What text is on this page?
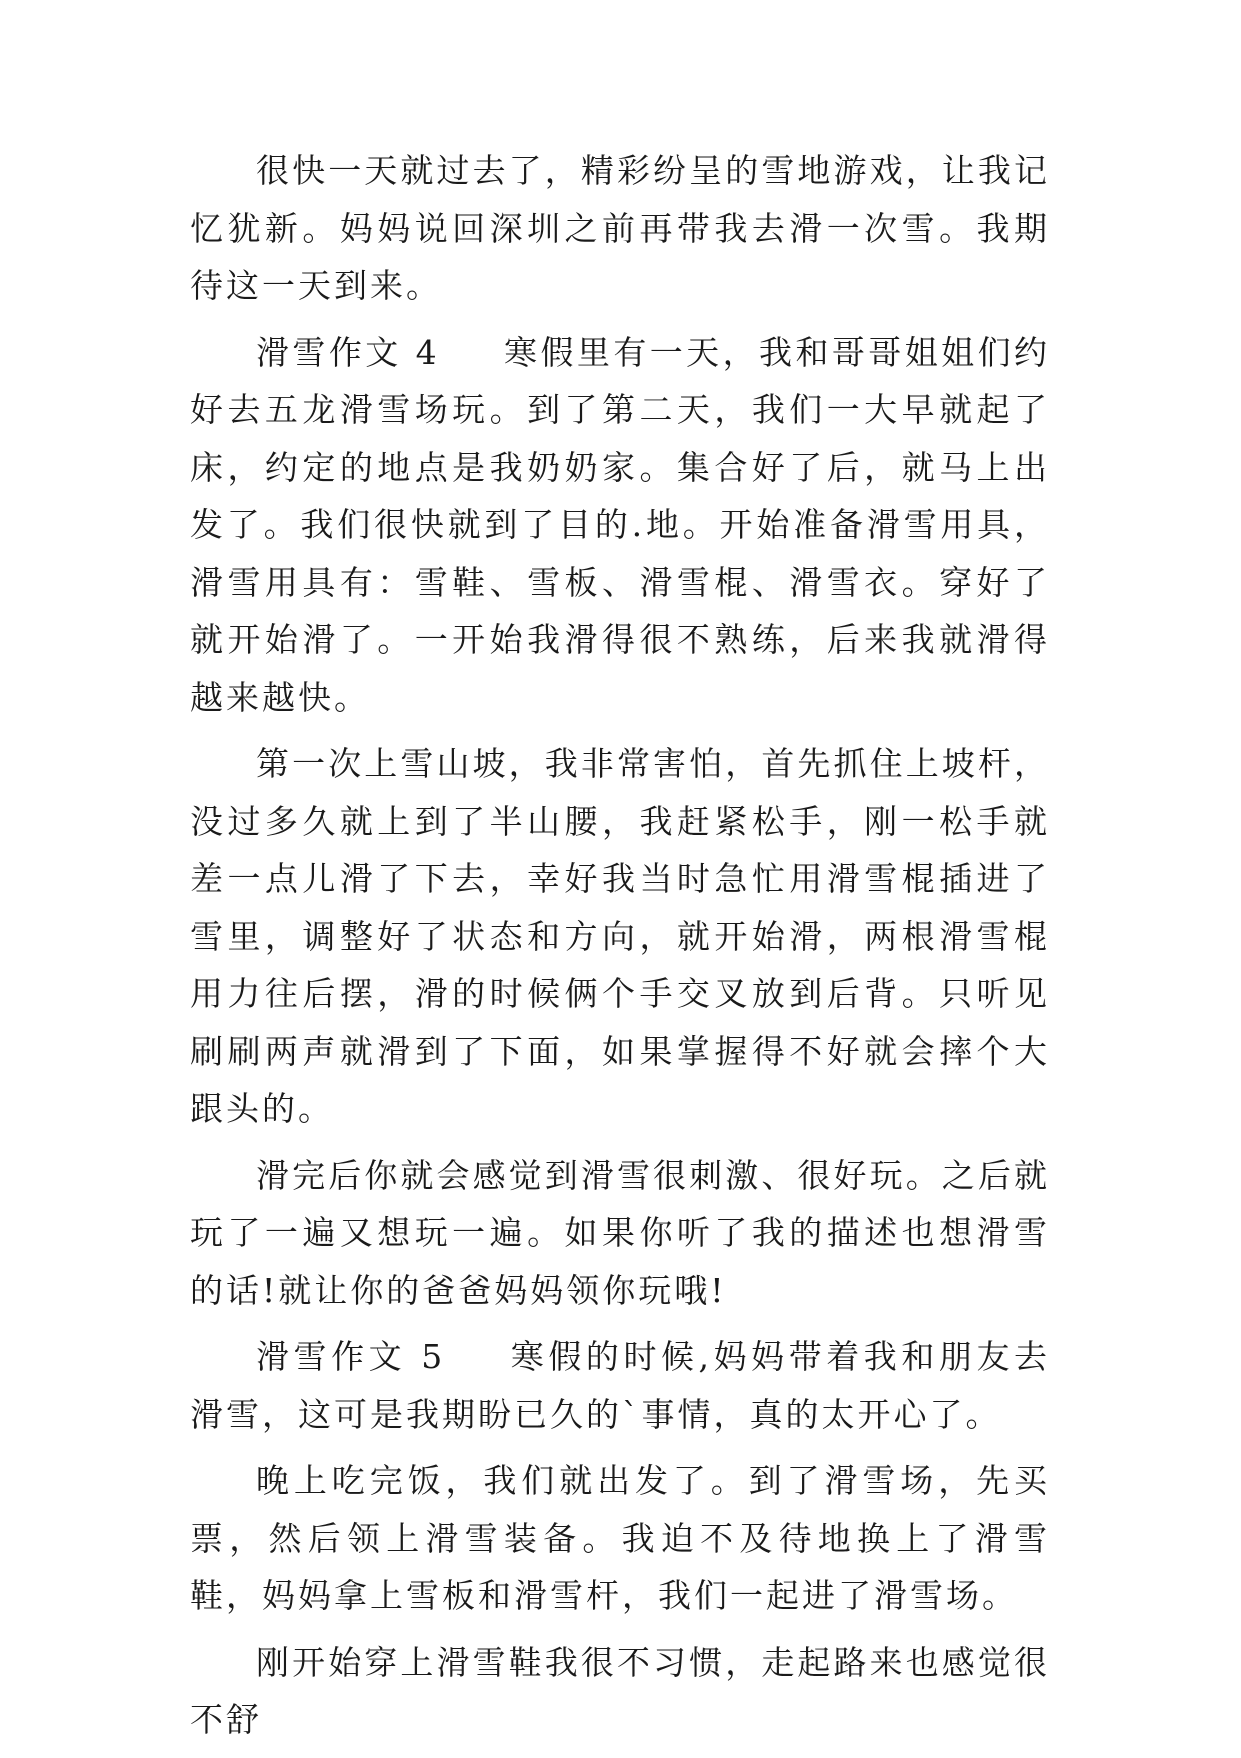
很快一天就过去了，精彩纷呈的雪地游戏，让我记忆犹新。妈妈说回深圳之前再带我去滑一次雪。我期待这一天到来。

滑雪作文 4 寒假里有一天，我和哥哥姐姐们约好去五龙滑雪场玩。到了第二天，我们一大早就起了床，约定的地点是我奶奶家。集合好了后，就马上出发了。我们很快就到了目的.地。开始准备滑雪用具，滑雪用具有：雪鞋、雪板、滑雪棍、滑雪衣。穿好了就开始滑了。一开始我滑得很不熟练，后来我就滑得越来越快。

第一次上雪山坡，我非常害怕，首先抓住上坡杆，没过多久就上到了半山腰，我赶紧松手，刚一松手就差一点儿滑了下去，幸好我当时急忙用滑雪棍插进了雪里，调整好了状态和方向，就开始滑，两根滑雪棍用力往后摆，滑的时候俩个手交叉放到后背。只听见刷刷两声就滑到了下面，如果掌握得不好就会摔个大跟头的。

滑完后你就会感觉到滑雪很刺激、很好玩。之后就玩了一遍又想玩一遍。如果你听了我的描述也想滑雪的话!就让你的爸爸妈妈领你玩哦!

滑雪作文 5 寒假的时候,妈妈带着我和朋友去滑雪，这可是我期盼已久的`事情，真的太开心了。

晚上吃完饭，我们就出发了。到了滑雪场，先买票，然后领上滑雪装备。我迫不及待地换上了滑雪鞋，妈妈拿上雪板和滑雪杆，我们一起进了滑雪场。

刚开始穿上滑雪鞋我很不习惯，走起路来也感觉很不舒
